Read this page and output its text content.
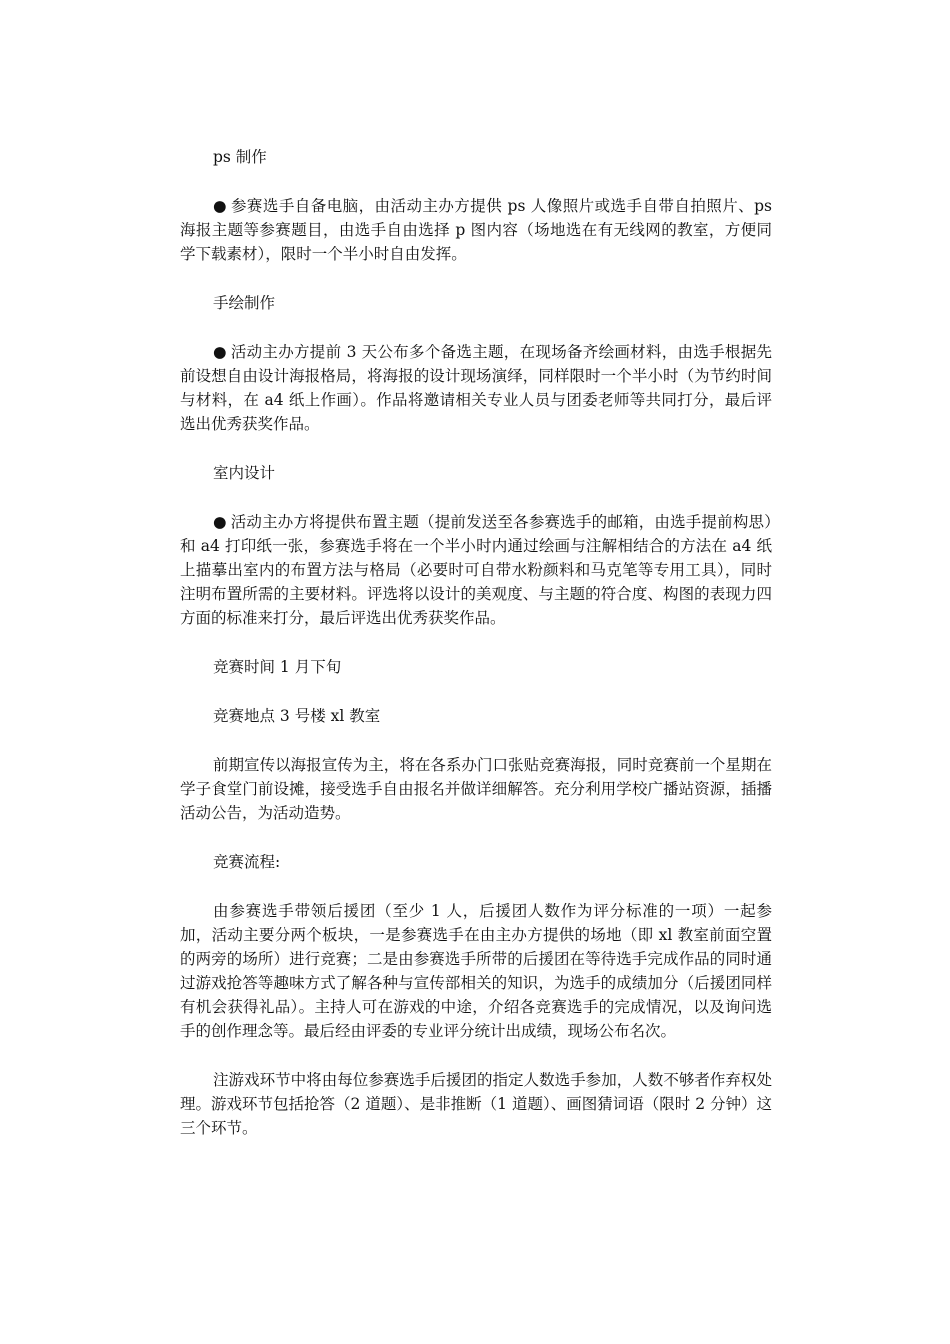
ps 制作

● 参赛选手自备电脑，由活动主办方提供 ps 人像照片或选手自带自拍照片、ps 海报主题等参赛题目，由选手自由选择 p 图内容（场地选在有无线网的教室，方便同学下载素材），限时一个半小时自由发挥。

手绘制作

● 活动主办方提前 3 天公布多个备选主题，在现场备齐绘画材料，由选手根据先前设想自由设计海报格局，将海报的设计现场演绎，同样限时一个半小时（为节约时间与材料，在 a4 纸上作画）。作品将邀请相关专业人员与团委老师等共同打分，最后评选出优秀获奖作品。

室内设计

● 活动主办方将提供布置主题（提前发送至各参赛选手的邮箱，由选手提前构思）和 a4 打印纸一张，参赛选手将在一个半小时内通过绘画与注解相结合的方法在 a4 纸上描摹出室内的布置方法与格局（必要时可自带水粉颜料和马克笔等专用工具），同时注明布置所需的主要材料。评选将以设计的美观度、与主题的符合度、构图的表现力四方面的标准来打分，最后评选出优秀获奖作品。

竞赛时间 1 月下旬

竞赛地点 3 号楼 xl 教室

前期宣传以海报宣传为主，将在各系办门口张贴竞赛海报，同时竞赛前一个星期在学子食堂门前设摊，接受选手自由报名并做详细解答。充分利用学校广播站资源，插播活动公告，为活动造势。

竞赛流程:

由参赛选手带领后援团（至少 1 人，后援团人数作为评分标准的一项）一起参加，活动主要分两个板块，一是参赛选手在由主办方提供的场地（即 xl 教室前面空置的两旁的场所）进行竞赛；二是由参赛选手所带的后援团在等待选手完成作品的同时通过游戏抢答等趣味方式了解各种与宣传部相关的知识，为选手的成绩加分（后援团同样有机会获得礼品）。主持人可在游戏的中途，介绍各竞赛选手的完成情况，以及询问选手的创作理念等。最后经由评委的专业评分统计出成绩，现场公布名次。

注游戏环节中将由每位参赛选手后援团的指定人数选手参加，人数不够者作弃权处理。游戏环节包括抢答（2 道题）、是非推断（1 道题）、画图猜词语（限时 2 分钟）这三个环节。
